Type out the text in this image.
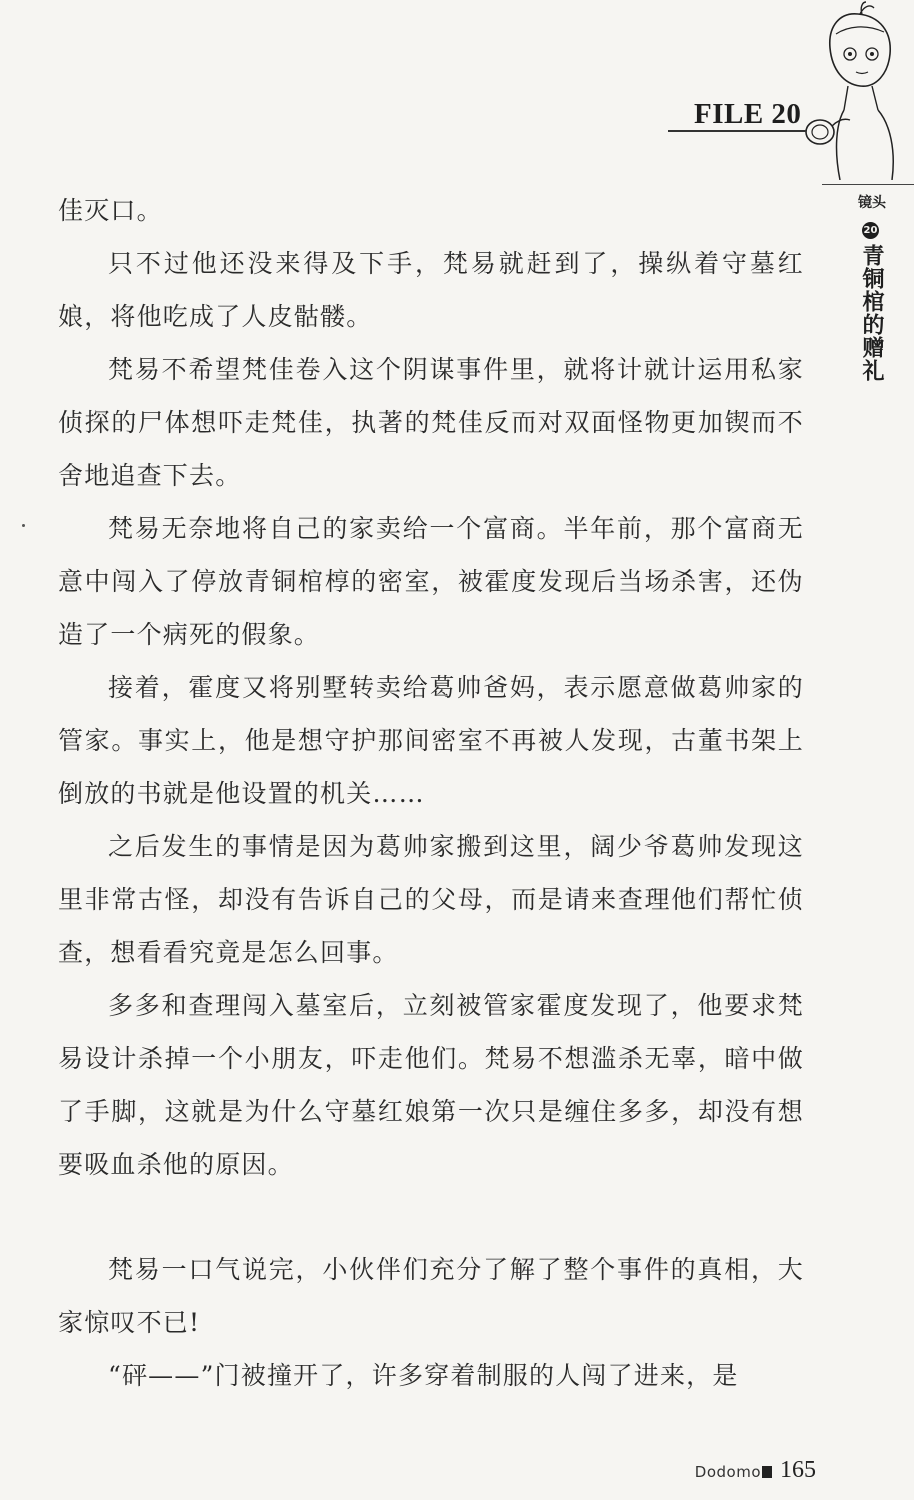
FILE 20
镜头
20
青铜棺的赠礼

佳灭口。

只不过他还没来得及下手，梵易就赶到了，操纵着守墓红娘，将他吃成了人皮骷髅。

梵易不希望梵佳卷入这个阴谋事件里，就将计就计运用私家侦探的尸体想吓走梵佳，执著的梵佳反而对双面怪物更加锲而不舍地追查下去。

梵易无奈地将自己的家卖给一个富商。半年前，那个富商无意中闯入了停放青铜棺椁的密室，被霍度发现后当场杀害，还伪造了一个病死的假象。

接着，霍度又将别墅转卖给葛帅爸妈，表示愿意做葛帅家的管家。事实上，他是想守护那间密室不再被人发现，古董书架上倒放的书就是他设置的机关……

之后发生的事情是因为葛帅家搬到这里，阔少爷葛帅发现这里非常古怪，却没有告诉自己的父母，而是请来查理他们帮忙侦查，想看看究竟是怎么回事。

多多和查理闯入墓室后，立刻被管家霍度发现了，他要求梵易设计杀掉一个小朋友，吓走他们。梵易不想滥杀无辜，暗中做了手脚，这就是为什么守墓红娘第一次只是缠住多多，却没有想要吸血杀他的原因。

梵易一口气说完，小伙伴们充分了解了整个事件的真相，大家惊叹不已!

“砰——”门被撞开了，许多穿着制服的人闯了进来，是

Dodomo 165
